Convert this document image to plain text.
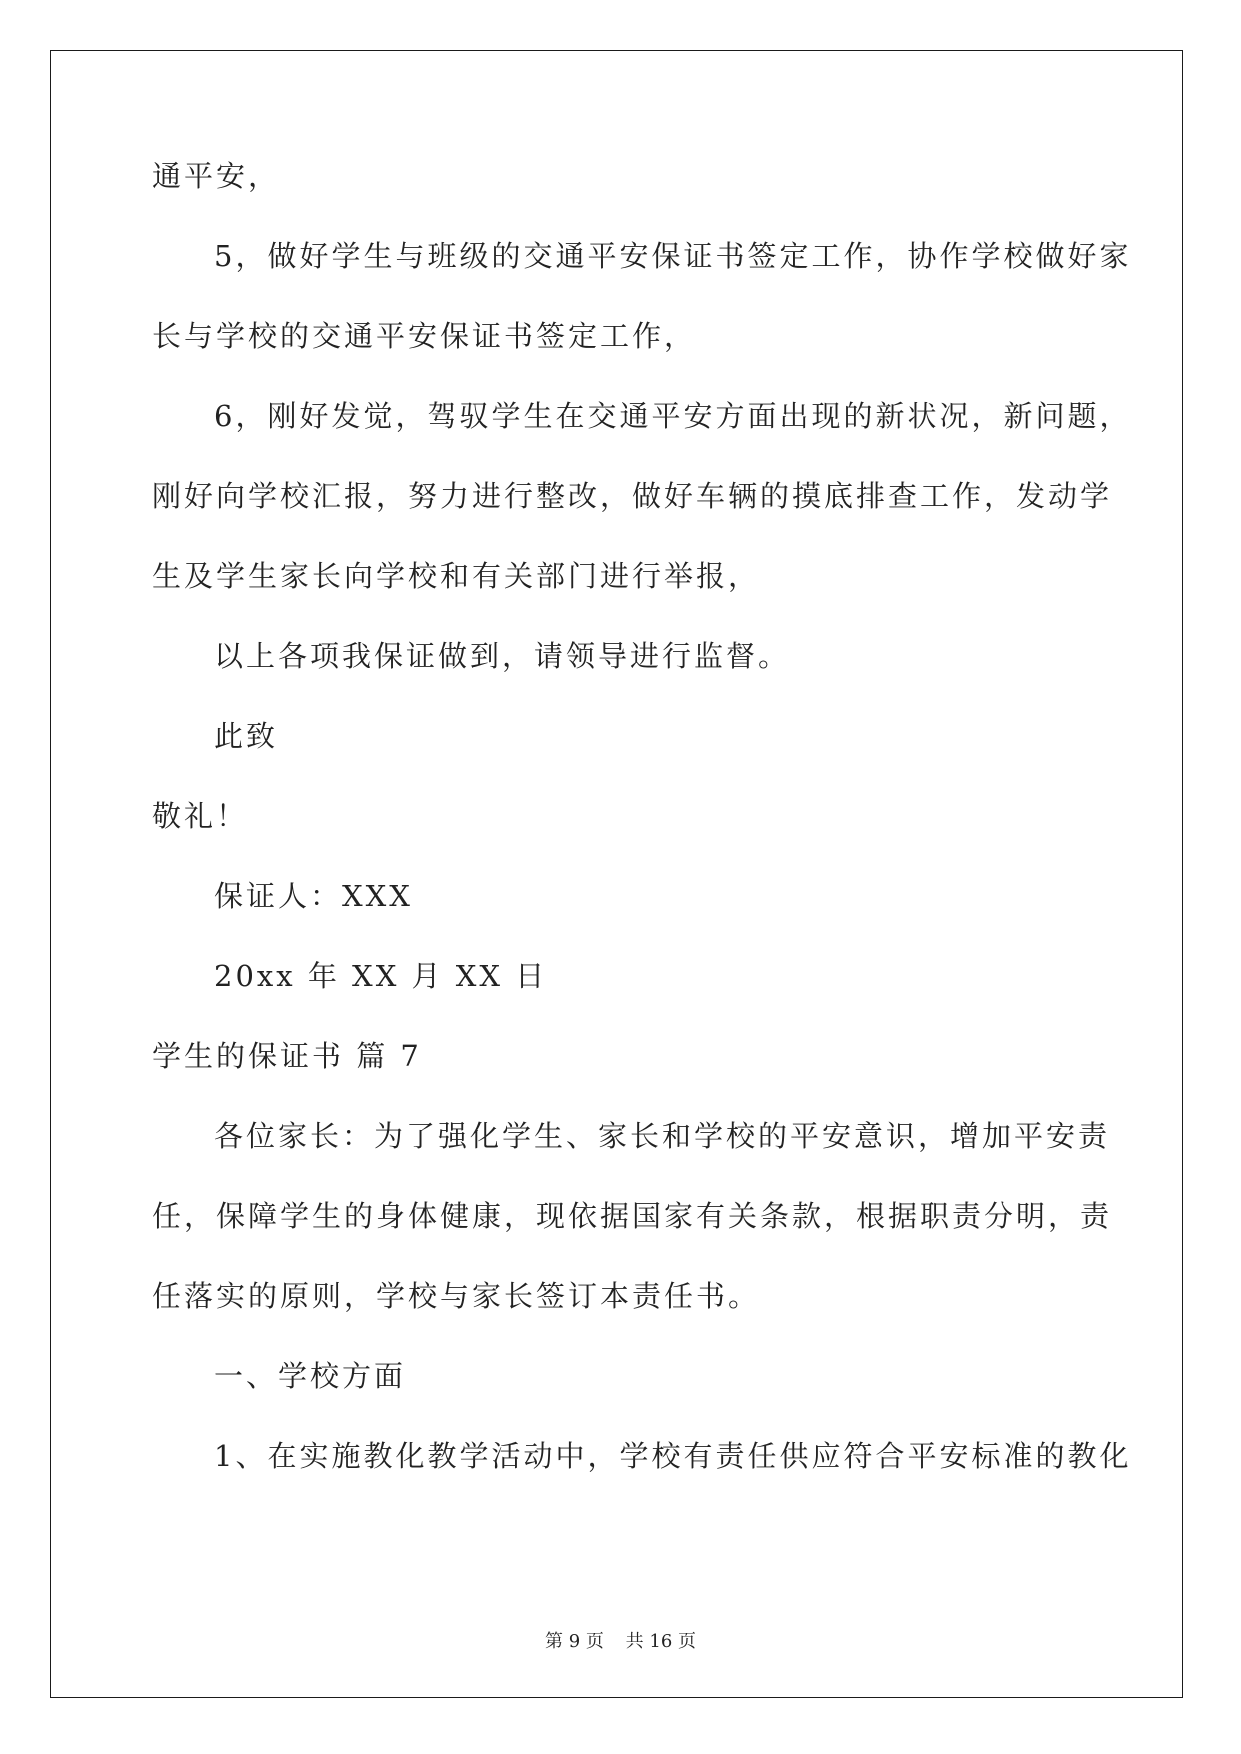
通平安，
5，做好学生与班级的交通平安保证书签定工作，协作学校做好家
长与学校的交通平安保证书签定工作，
6，刚好发觉，驾驭学生在交通平安方面出现的新状况，新问题，
刚好向学校汇报，努力进行整改，做好车辆的摸底排查工作，发动学
生及学生家长向学校和有关部门进行举报，
以上各项我保证做到，请领导进行监督。
此致
敬礼！
保证人：XXX
20xx 年 XX 月 XX 日
学生的保证书 篇 7
各位家长：为了强化学生、家长和学校的平安意识，增加平安责
任，保障学生的身体健康，现依据国家有关条款，根据职责分明，责
任落实的原则，学校与家长签订本责任书。
一、学校方面
1、在实施教化教学活动中，学校有责任供应符合平安标准的教化
第 9 页 共 16 页
